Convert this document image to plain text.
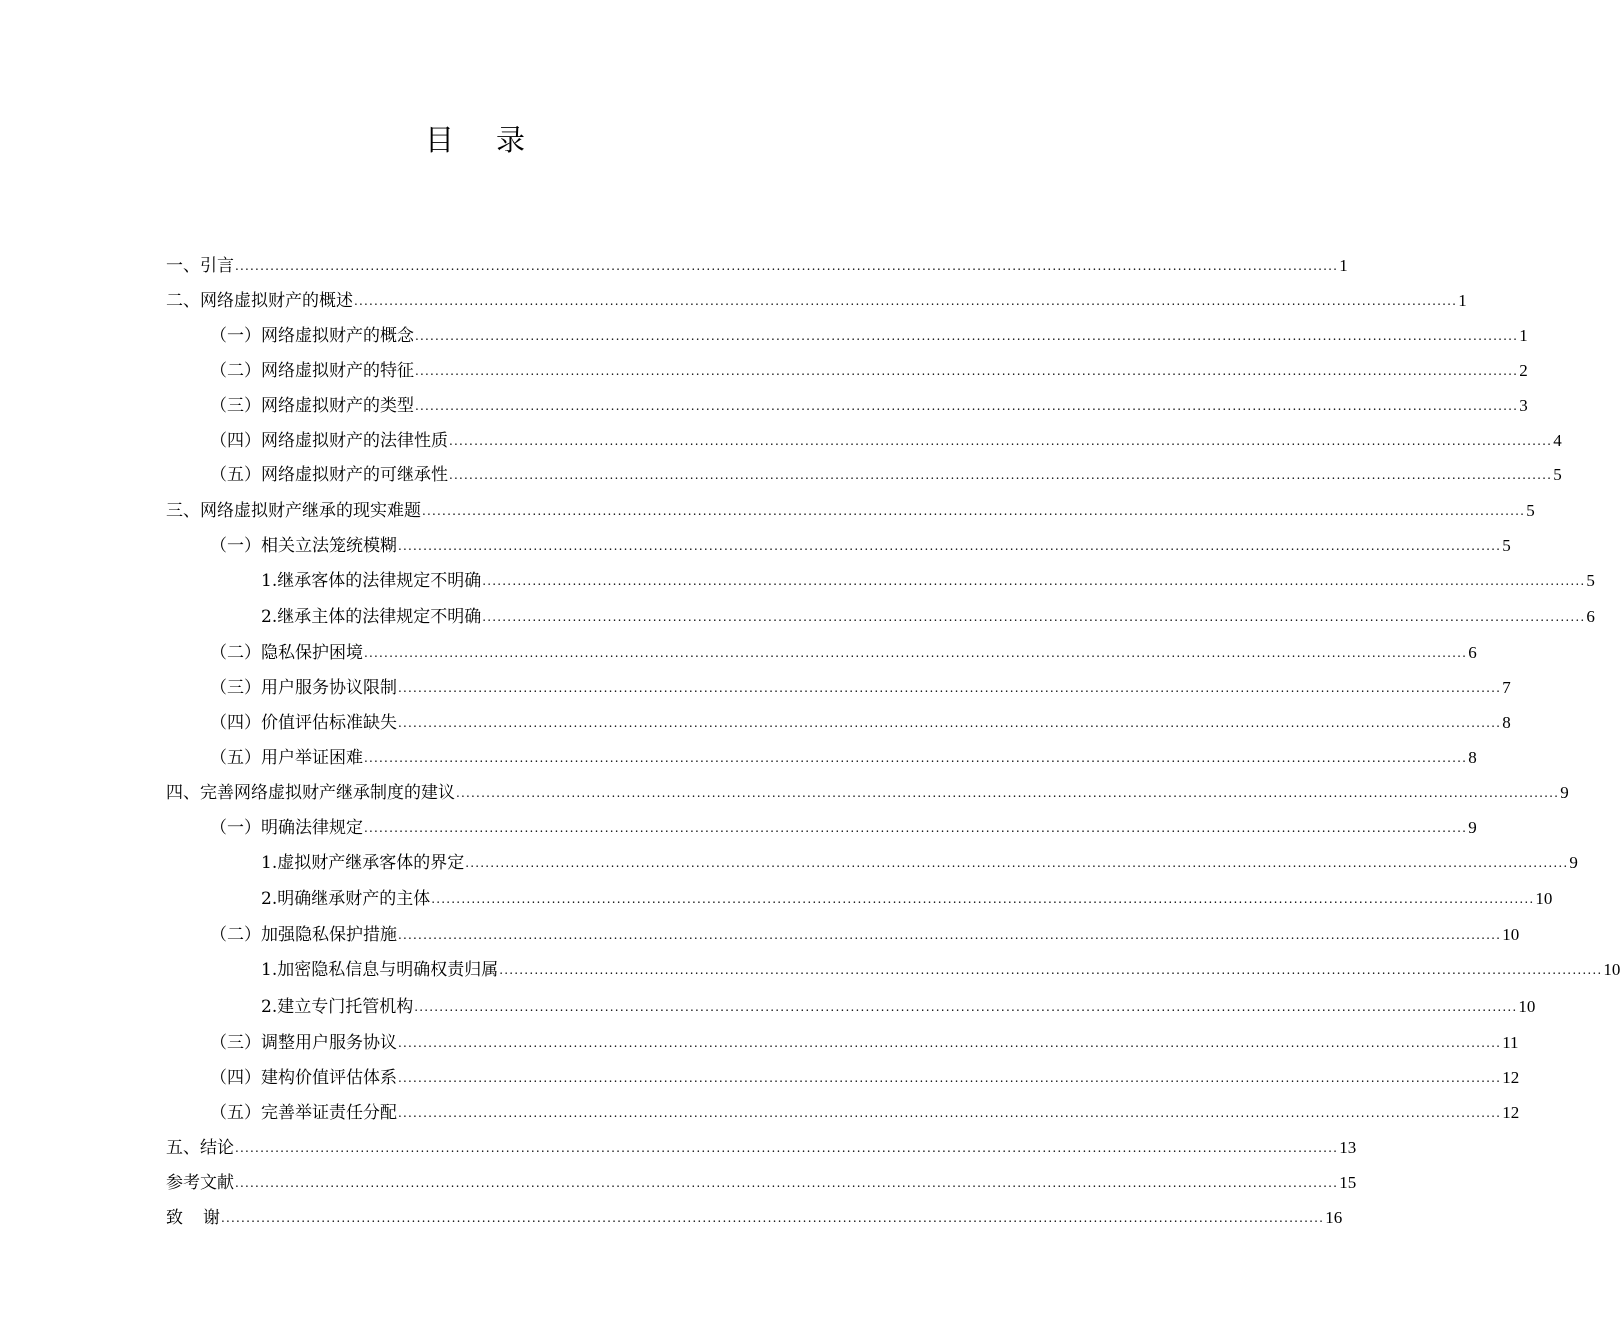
目 录
一、引言 ............................................................................................................................................................................................................................ 1
二、网络虚拟财产的概述 ............................................................................................................................................................................................................................ 1
（一）网络虚拟财产的概念 ............................................................................................................................................................................................................................ 1
（二）网络虚拟财产的特征 ............................................................................................................................................................................................................................ 2
（三）网络虚拟财产的类型 ............................................................................................................................................................................................................................ 3
（四）网络虚拟财产的法律性质 ............................................................................................................................................................................................................................ 4
（五）网络虚拟财产的可继承性 ............................................................................................................................................................................................................................ 5
三、网络虚拟财产继承的现实难题 ............................................................................................................................................................................................................................ 5
（一）相关立法笼统模糊 ............................................................................................................................................................................................................................ 5
1.继承客体的法律规定不明确 ............................................................................................................................................................................................................................ 5
2.继承主体的法律规定不明确 ............................................................................................................................................................................................................................ 6
（二）隐私保护困境 ............................................................................................................................................................................................................................ 6
（三）用户服务协议限制 ............................................................................................................................................................................................................................ 7
（四）价值评估标准缺失 ............................................................................................................................................................................................................................ 8
（五）用户举证困难 ............................................................................................................................................................................................................................ 8
四、完善网络虚拟财产继承制度的建议 ............................................................................................................................................................................................................................ 9
（一）明确法律规定 ............................................................................................................................................................................................................................ 9
1.虚拟财产继承客体的界定 ............................................................................................................................................................................................................................ 9
2.明确继承财产的主体 ............................................................................................................................................................................................................................ 10
（二）加强隐私保护措施 ............................................................................................................................................................................................................................ 10
1.加密隐私信息与明确权责归属 ............................................................................................................................................................................................................................ 10
2.建立专门托管机构 ............................................................................................................................................................................................................................ 10
（三）调整用户服务协议 ............................................................................................................................................................................................................................ 11
（四）建构价值评估体系 ............................................................................................................................................................................................................................ 12
（五）完善举证责任分配 ............................................................................................................................................................................................................................ 12
五、结论 ............................................................................................................................................................................................................................ 13
参考文献 ............................................................................................................................................................................................................................ 15
致 谢 ............................................................................................................................................................................................................................ 16
